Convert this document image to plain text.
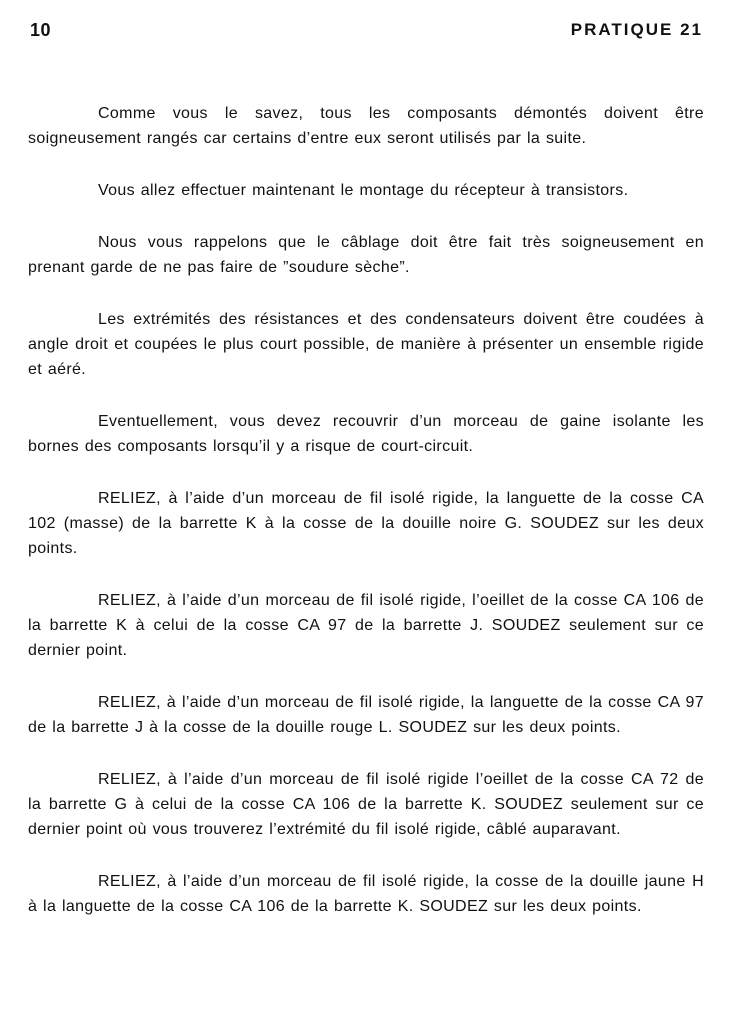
10	PRATIQUE 21

Comme vous le savez, tous les composants démontés doivent être soigneusement rangés car certains d’entre eux seront utilisés par la suite.

Vous allez effectuer maintenant le montage du récepteur à transistors.

Nous vous rappelons que le câblage doit être fait très soigneusement en prenant garde de ne pas faire de ”soudure sèche”.

Les extrémités des résistances et des condensateurs doivent être coudées à angle droit et coupées le plus court possible, de manière à présenter un ensemble rigide et aéré.

Eventuellement, vous devez recouvrir d’un morceau de gaine isolante les bornes des composants lorsqu’il y a risque de court-circuit.

RELIEZ, à l’aide d’un morceau de fil isolé rigide, la languette de la cosse CA 102 (masse) de la barrette K à la cosse de la douille noire G. SOUDEZ sur les deux points.

RELIEZ, à l’aide d’un morceau de fil isolé rigide, l’oeillet de la cosse CA 106 de la barrette K à celui de la cosse CA 97 de la barrette J. SOUDEZ seulement sur ce dernier point.

RELIEZ, à l’aide d’un morceau de fil isolé rigide, la languette de la cosse CA 97 de la barrette J à la cosse de la douille rouge L. SOUDEZ sur les deux points.

RELIEZ, à l’aide d’un morceau de fil isolé rigide l’oeillet de la cosse CA 72 de la barrette G à celui de la cosse CA 106 de la barrette K. SOUDEZ seulement sur ce dernier point où vous trouverez l’extrémité du fil isolé rigide, câblé auparavant.

RELIEZ, à l’aide d’un morceau de fil isolé rigide, la cosse de la douille jaune H à la languette de la cosse CA 106 de la barrette K. SOUDEZ sur les deux points.
